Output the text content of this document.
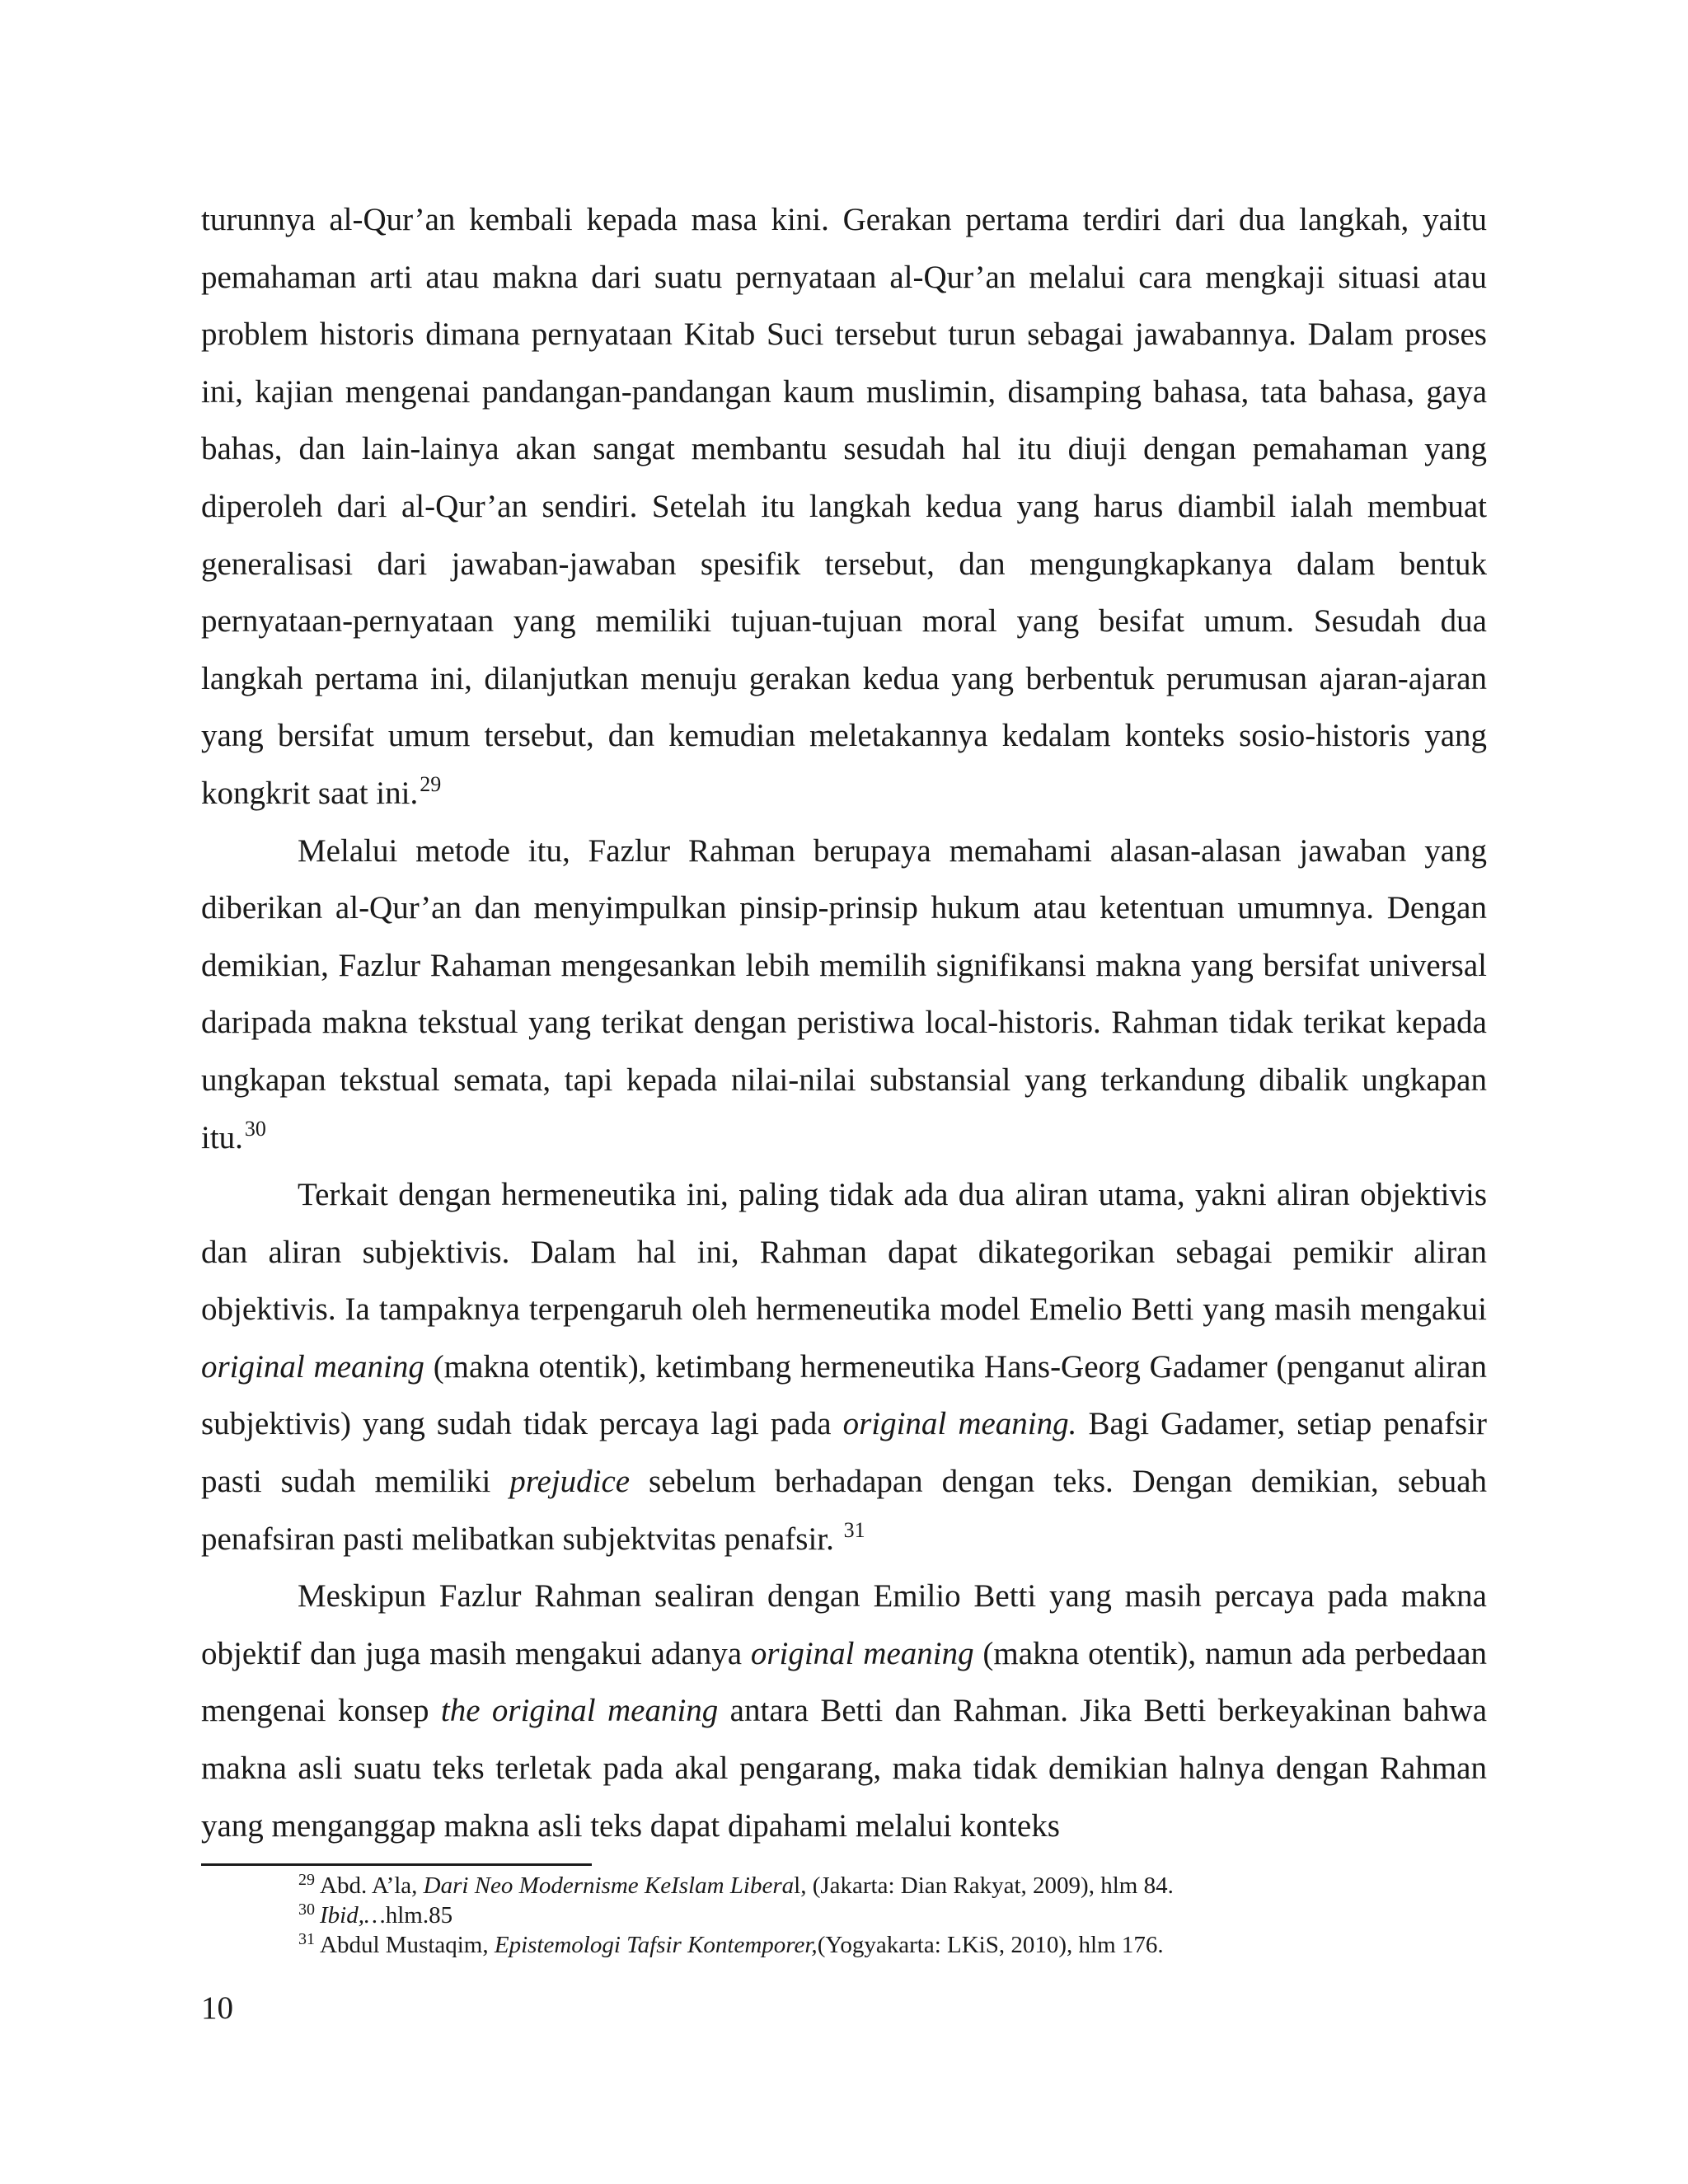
turunnya al-Qur’an kembali kepada masa kini. Gerakan pertama terdiri dari dua langkah, yaitu pemahaman arti atau makna dari suatu pernyataan al-Qur’an melalui cara mengkaji situasi atau problem historis dimana pernyataan Kitab Suci tersebut turun sebagai jawabannya. Dalam proses ini, kajian mengenai pandangan-pandangan kaum muslimin, disamping bahasa, tata bahasa, gaya bahas, dan lain-lainya akan sangat membantu sesudah hal itu diuji dengan pemahaman yang diperoleh dari al-Qur’an sendiri. Setelah itu langkah kedua yang harus diambil ialah membuat generalisasi dari jawaban-jawaban spesifik tersebut, dan mengungkapkanya dalam bentuk pernyataan-pernyataan yang memiliki tujuan-tujuan moral yang besifat umum. Sesudah dua langkah pertama ini, dilanjutkan menuju gerakan kedua yang berbentuk perumusan ajaran-ajaran yang bersifat umum tersebut, dan kemudian meletakannya kedalam konteks sosio-historis yang kongkrit saat ini.$^{29}$

Melalui metode itu, Fazlur Rahman berupaya memahami alasan-alasan jawaban yang diberikan al-Qur’an dan menyimpulkan pinsip-prinsip hukum atau ketentuan umumnya. Dengan demikian, Fazlur Rahaman mengesankan lebih memilih signifikansi makna yang bersifat universal daripada makna tekstual yang terikat dengan peristiwa local-historis. Rahman tidak terikat kepada ungkapan tekstual semata, tapi kepada nilai-nilai substansial yang terkandung dibalik ungkapan itu.$^{30}$

Terkait dengan hermeneutika ini, paling tidak ada dua aliran utama, yakni aliran objektivis dan aliran subjektivis. Dalam hal ini, Rahman dapat dikategorikan sebagai pemikir aliran objektivis. Ia tampaknya terpengaruh oleh hermeneutika model Emelio Betti yang masih mengakui original meaning (makna otentik), ketimbang hermeneutika Hans-Georg Gadamer (penganut aliran subjektivis) yang sudah tidak percaya lagi pada original meaning. Bagi Gadamer, setiap penafsir pasti sudah memiliki prejudice sebelum berhadapan dengan teks. Dengan demikian, sebuah penafsiran pasti melibatkan subjektvitas penafsir. $^{31}$

Meskipun Fazlur Rahman sealiran dengan Emilio Betti yang masih percaya pada makna objektif dan juga masih mengakui adanya original meaning (makna otentik), namun ada perbedaan mengenai konsep the original meaning antara Betti dan Rahman. Jika Betti berkeyakinan bahwa makna asli suatu teks terletak pada akal pengarang, maka tidak demikian halnya dengan Rahman yang menganggap makna asli teks dapat dipahami melalui konteks

$^{29}$ Abd. A’la, Dari Neo Modernisme KeIslam Liberal, (Jakarta: Dian Rakyat, 2009), hlm 84.

$^{30}$ Ibid,…hlm.85

$^{31}$ Abdul Mustaqim, Epistemologi Tafsir Kontemporer,(Yogyakarta: LKiS, 2010), hlm 176.

10
